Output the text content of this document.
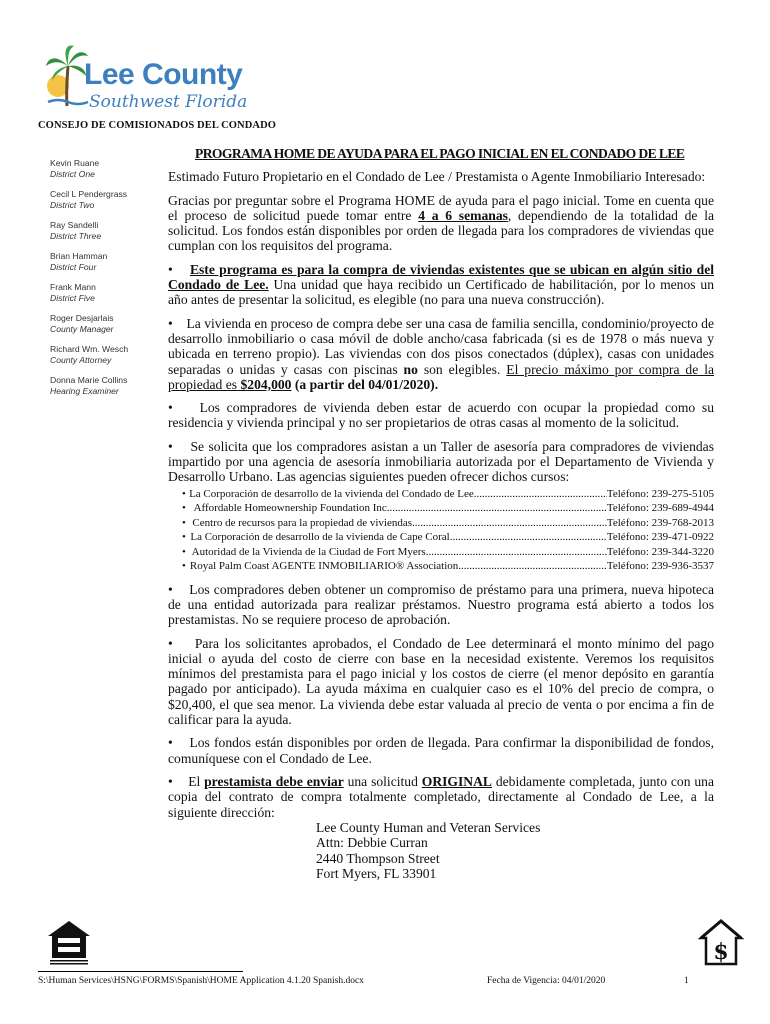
Lee County
Southwest Florida
CONSEJO DE COMISIONADOS DEL CONDADO
Kevin Ruane
District One
Cecil L Pendergrass
District Two
Ray Sandelli
District Three
Brian Hamman
District Four
Frank Mann
District Five
Roger Desjarlais
County Manager
Richard Wm. Wesch
County Attorney
Donna Marie Collins
Hearing Examiner
PROGRAMA HOME DE AYUDA PARA EL PAGO INICIAL EN EL CONDADO DE LEE

Estimado Futuro Propietario en el Condado de Lee / Prestamista o Agente Inmobiliario Interesado:

Gracias por preguntar sobre el Programa HOME de ayuda para el pago inicial. Tome en cuenta que el proceso de solicitud puede tomar entre 4 a 6 semanas, dependiendo de la totalidad de la solicitud. Los fondos están disponibles por orden de llegada para los compradores de viviendas que cumplan con los requisitos del programa.

•    Este programa es para la compra de viviendas existentes que se ubican en algún sitio del Condado de Lee. Una unidad que haya recibido un Certificado de habilitación, por lo menos un año antes de presentar la solicitud, es elegible (no para una nueva construcción).

•    La vivienda en proceso de compra debe ser una casa de familia sencilla, condominio/proyecto de desarrollo inmobiliario o casa móvil de doble ancho/casa fabricada (si es de 1978 o más nueva y ubicada en terreno propio). Las viviendas con dos pisos conectados (dúplex), casas con unidades separadas o unidas y casas con piscinas no son elegibles. El precio máximo por compra de la propiedad es $204,000 (a partir del 04/01/2020).

•    Los compradores de vivienda deben estar de acuerdo con ocupar la propiedad como su residencia y vivienda principal y no ser propietarios de otras casas al momento de la solicitud.

•    Se solicita que los compradores asistan a un Taller de asesoría para compradores de viviendas impartido por una agencia de asesoría inmobiliaria autorizada por el Departamento de Vivienda y Desarrollo Urbano. Las agencias siguientes pueden ofrecer dichos cursos:

• La Corporación de desarrollo de la vivienda del Condado de Lee .....	Teléfono: 239-275-5105
• Affordable Homeownership Foundation Inc. .....	Teléfono: 239-689-4944
• Centro de recursos para la propiedad de viviendas .....	Teléfono: 239-768-2013
• La Corporación de desarrollo de la vivienda de Cape Coral .....	Teléfono: 239-471-0922
• Autoridad de la Vivienda de la Ciudad de Fort Myers .....	Teléfono: 239-344-3220
• Royal Palm Coast AGENTE INMOBILIARIO® Association .....	Teléfono: 239-936-3537

•    Los compradores deben obtener un compromiso de préstamo para una primera, nueva hipoteca de una entidad autorizada para realizar préstamos. Nuestro programa está abierto a todos los prestamistas. No se requiere proceso de aprobación.

•    Para los solicitantes aprobados, el Condado de Lee determinará el monto mínimo del pago inicial o ayuda del costo de cierre con base en la necesidad existente. Veremos los requisitos mínimos del prestamista para el pago inicial y los costos de cierre (el menor depósito en garantía pagado por anticipado). La ayuda máxima en cualquier caso es el 10% del precio de compra, o $20,400, el que sea menor. La vivienda debe estar valuada al precio de venta o por encima a fin de calificar para la ayuda.

•    Los fondos están disponibles por orden de llegada. Para confirmar la disponibilidad de fondos, comuníquese con el Condado de Lee.

•    El prestamista debe enviar una solicitud ORIGINAL debidamente completada, junto con una copia del contrato de compra totalmente completado, directamente al Condado de Lee, a la siguiente dirección:

Lee County Human and Veteran Services
Attn: Debbie Curran
2440 Thompson Street
Fort Myers, FL 33901
$
S:\Human Services\HSNG\FORMS\Spanish\HOME Application 4.1.20 Spanish.docx	Fecha de Vigencia: 04/01/2020	1
